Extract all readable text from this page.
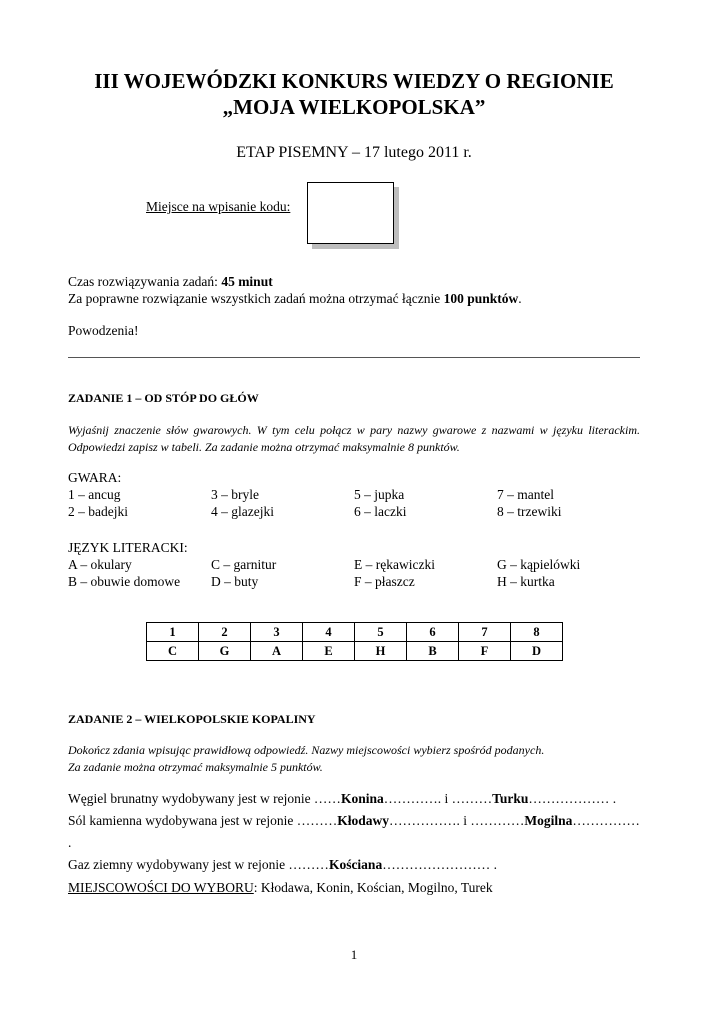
III WOJEWÓDZKI KONKURS WIEDZY O REGIONIE
„MOJA WIELKOPOLSKA”
ETAP PISEMNY – 17 lutego 2011 r.
Miejsce na wpisanie kodu:
Czas rozwiązywania zadań: 45 minut
Za poprawne rozwiązanie wszystkich zadań można otrzymać łącznie 100 punktów.
Powodzenia!
ZADANIE 1 – OD STÓP DO GŁÓW
Wyjaśnij znaczenie słów gwarowych. W tym celu połącz w pary nazwy gwarowe z nazwami w języku literackim. Odpowiedzi zapisz w tabeli. Za zadanie można otrzymać maksymalnie 8 punktów.
GWARA:
1 – ancug	3 – bryle	5 – jupka	7 – mantel
2 – badejki	4 – glazejki	6 – laczki	8 – trzewiki
JĘZYK LITERACKI:
A – okulary	C – garnitur	E – rękawiczki	G – kąpielówki
B – obuwie domowe	D – buty	F – płaszcz	H – kurtka
1	2	3	4	5	6	7	8
C	G	A	E	H	B	F	D
ZADANIE 2 – WIELKOPOLSKIE KOPALINY
Dokończ zdania wpisując prawidłową odpowiedź. Nazwy miejscowości wybierz spośród podanych.
Za zadanie można otrzymać maksymalnie 5 punktów.
Węgiel brunatny wydobywany jest w rejonie ……Konina…………. i ………Turku……………… .
Sól kamienna wydobywana jest w rejonie ………Kłodawy……………. i …………Mogilna…………… .
Gaz ziemny wydobywany jest w rejonie ………Kościana…………………… .
MIEJSCOWOŚCI DO WYBORU: Kłodawa, Konin, Kościan, Mogilno, Turek
1
